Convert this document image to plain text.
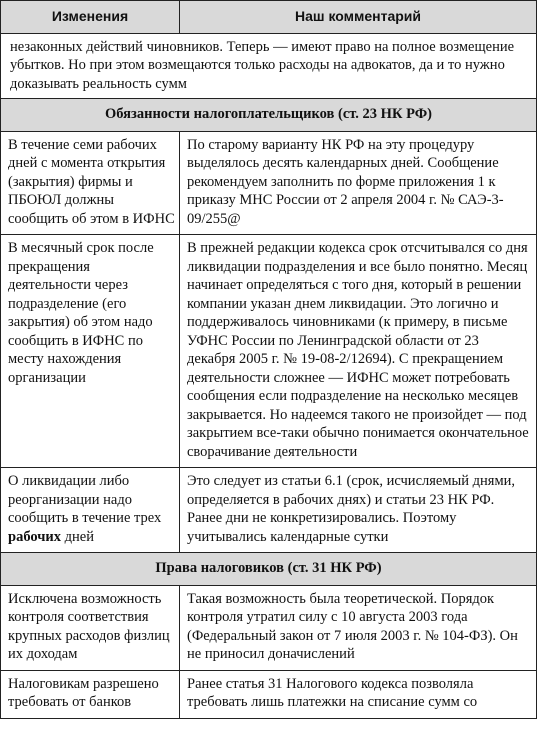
Изменения	Наш комментарий
незаконных действий чиновников. Теперь — имеют право на полное возмещение убытков. Но при этом возмещаются только расходы на адвокатов, да и то нужно доказывать реальность сумм	
Обязанности налогоплательщиков (ст. 23 НК РФ)	
В течение семи рабочих дней с момента открытия (закрытия) фирмы и ПБОЮЛ должны сообщить об этом в ИФНС	По старому варианту НК РФ на эту процедуру выделялось десять календарных дней. Сообщение рекомендуем заполнить по форме приложения 1 к приказу МНС России от 2 апреля 2004 г. № САЭ-3-09/255@
В месячный срок после прекращения деятельности через подразделение (его закрытия) об этом надо сообщить в ИФНС по месту нахождения организации	В прежней редакции кодекса срок отсчитывался со дня ликвидации подразделения и все было понятно. Месяц начинает определяться с того дня, который в решении компании указан днем ликвидации. Это логично и поддерживалось чиновниками (к примеру, в письме УФНС России по Ленинградской области от 23 декабря 2005 г. № 19-08-2/12694). С прекращением деятельности сложнее — ИФНС может потребовать сообщения если подразделение на несколько месяцев закрывается. Но надеемся такого не произойдет — под закрытием все-таки обычно понимается окончательное сворачивание деятельности
О ликвидации либо реорганизации надо сообщить в течение трех рабочих дней	Это следует из статьи 6.1 (срок, исчисляемый днями, определяется в рабочих днях) и статьи 23 НК РФ. Ранее дни не конкретизировались. Поэтому учитывались календарные сутки
Права налоговиков (ст. 31 НК РФ)	
Исключена возможность контроля соответствия крупных расходов физлиц их доходам	Такая возможность была теоретической. Порядок контроля утратил силу с 10 августа 2003 года (Федеральный закон от 7 июля 2003 г. № 104-ФЗ). Он не приносил доначислений
Налоговикам разрешено требовать от банков	Ранее статья 31 Налогового кодекса позволяла требовать лишь платежки на списание сумм со
